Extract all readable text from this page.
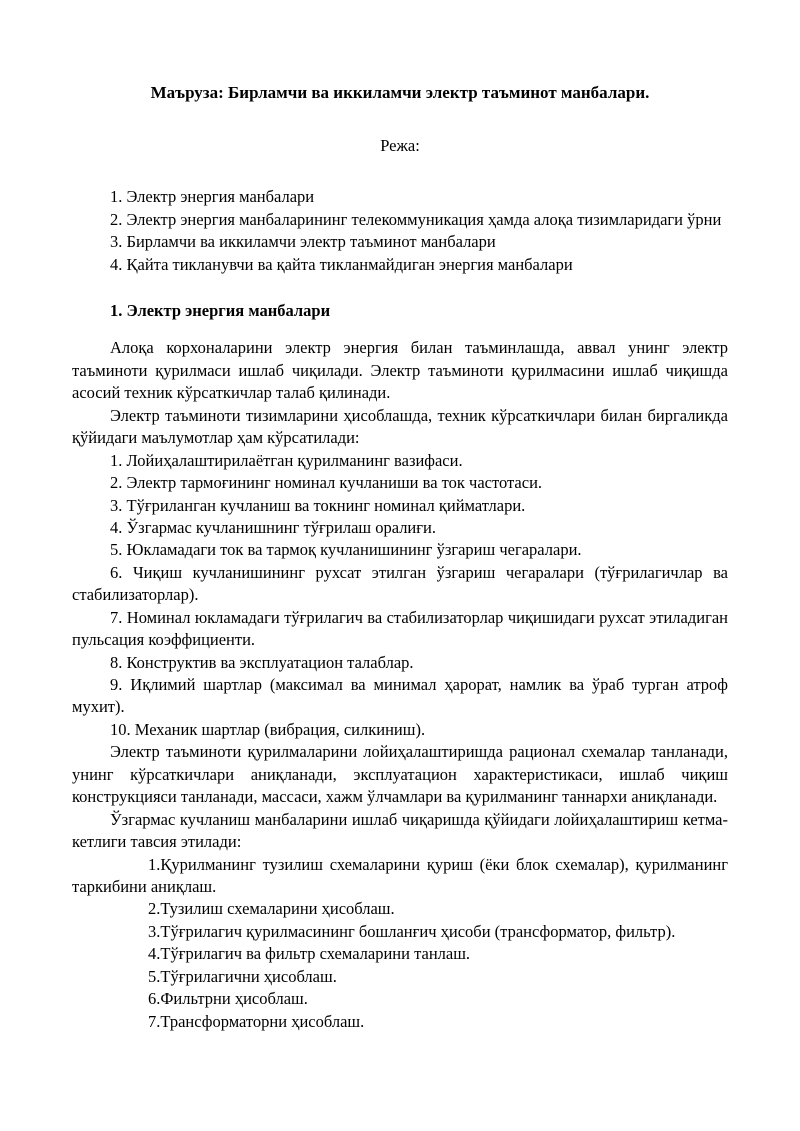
Маъруза: Бирламчи ва иккиламчи электр таъминот манбалари.
Режа:

1. Электр энергия манбалари

2. Электр энергия манбаларининг телекоммуникация ҳамда алоқа тизимларидаги ўрни

3. Бирламчи ва иккиламчи электр таъминот манбалари

4. Қайта тикланувчи ва қайта тикланмайдиган энергия манбалари

1. Электр энергия манбалари

Алоқа корхоналарини электр энергия билан таъминлашда, аввал унинг электр таъминоти қурилмаси ишлаб чиқилади. Электр таъминоти қурилмасини ишлаб чиқишда асосий техник кўрсаткичлар талаб қилинади.

Электр таъминоти тизимларини ҳисоблашда, техник кўрсаткичлари билан биргаликда қўйидаги маълумотлар ҳам кўрсатилади:

1. Лойиҳалаштирилаётган қурилманинг вазифаси.

2. Электр тармоғининг номинал кучланиши ва ток частотаси.

3. Тўғриланган кучланиш ва токнинг номинал қийматлари.

4. Ўзгармас кучланишнинг тўғрилаш оралиғи.

5. Юкламадаги ток ва тармоқ кучланишининг ўзгариш чегаралари.

6. Чиқиш кучланишининг рухсат этилган ўзгариш чегаралари (тўғрилагичлар ва стабилизаторлар).

7. Номинал юкламадаги тўғрилагич ва стабилизаторлар чиқишидаги рухсат этиладиган пульсация коэффициенти.

8. Конструктив ва эксплуатацион талаблар.

9. Иқлимий шартлар (максимал ва минимал ҳарорат, намлик ва ўраб турган атроф мухит).

10. Механик шартлар (вибрация, силкиниш).

Электр таъминоти қурилмаларини лойиҳалаштиришда рационал схемалар танланади, унинг кўрсаткичлари аниқланади, эксплуатацион характеристикаси, ишлаб чиқиш конструкцияси танланади, массаси, хажм ўлчамлари ва қурилманинг таннархи аниқланади.

Ўзгармас кучланиш манбаларини ишлаб чиқаришда қўйидаги лойиҳалаштириш кетма-кетлиги тавсия этилади:

1.Қурилманинг тузилиш схемаларини қуриш (ёки блок схемалар), қурилманинг таркибини аниқлаш.

2.Тузилиш схемаларини ҳисоблаш.

3.Тўғрилагич қурилмасининг бошланғич ҳисоби (трансформатор, фильтр).

4.Тўғрилагич ва фильтр схемаларини танлаш.

5.Тўғрилагични ҳисоблаш.

6.Фильтрни ҳисоблаш.

7.Трансформаторни ҳисоблаш.
